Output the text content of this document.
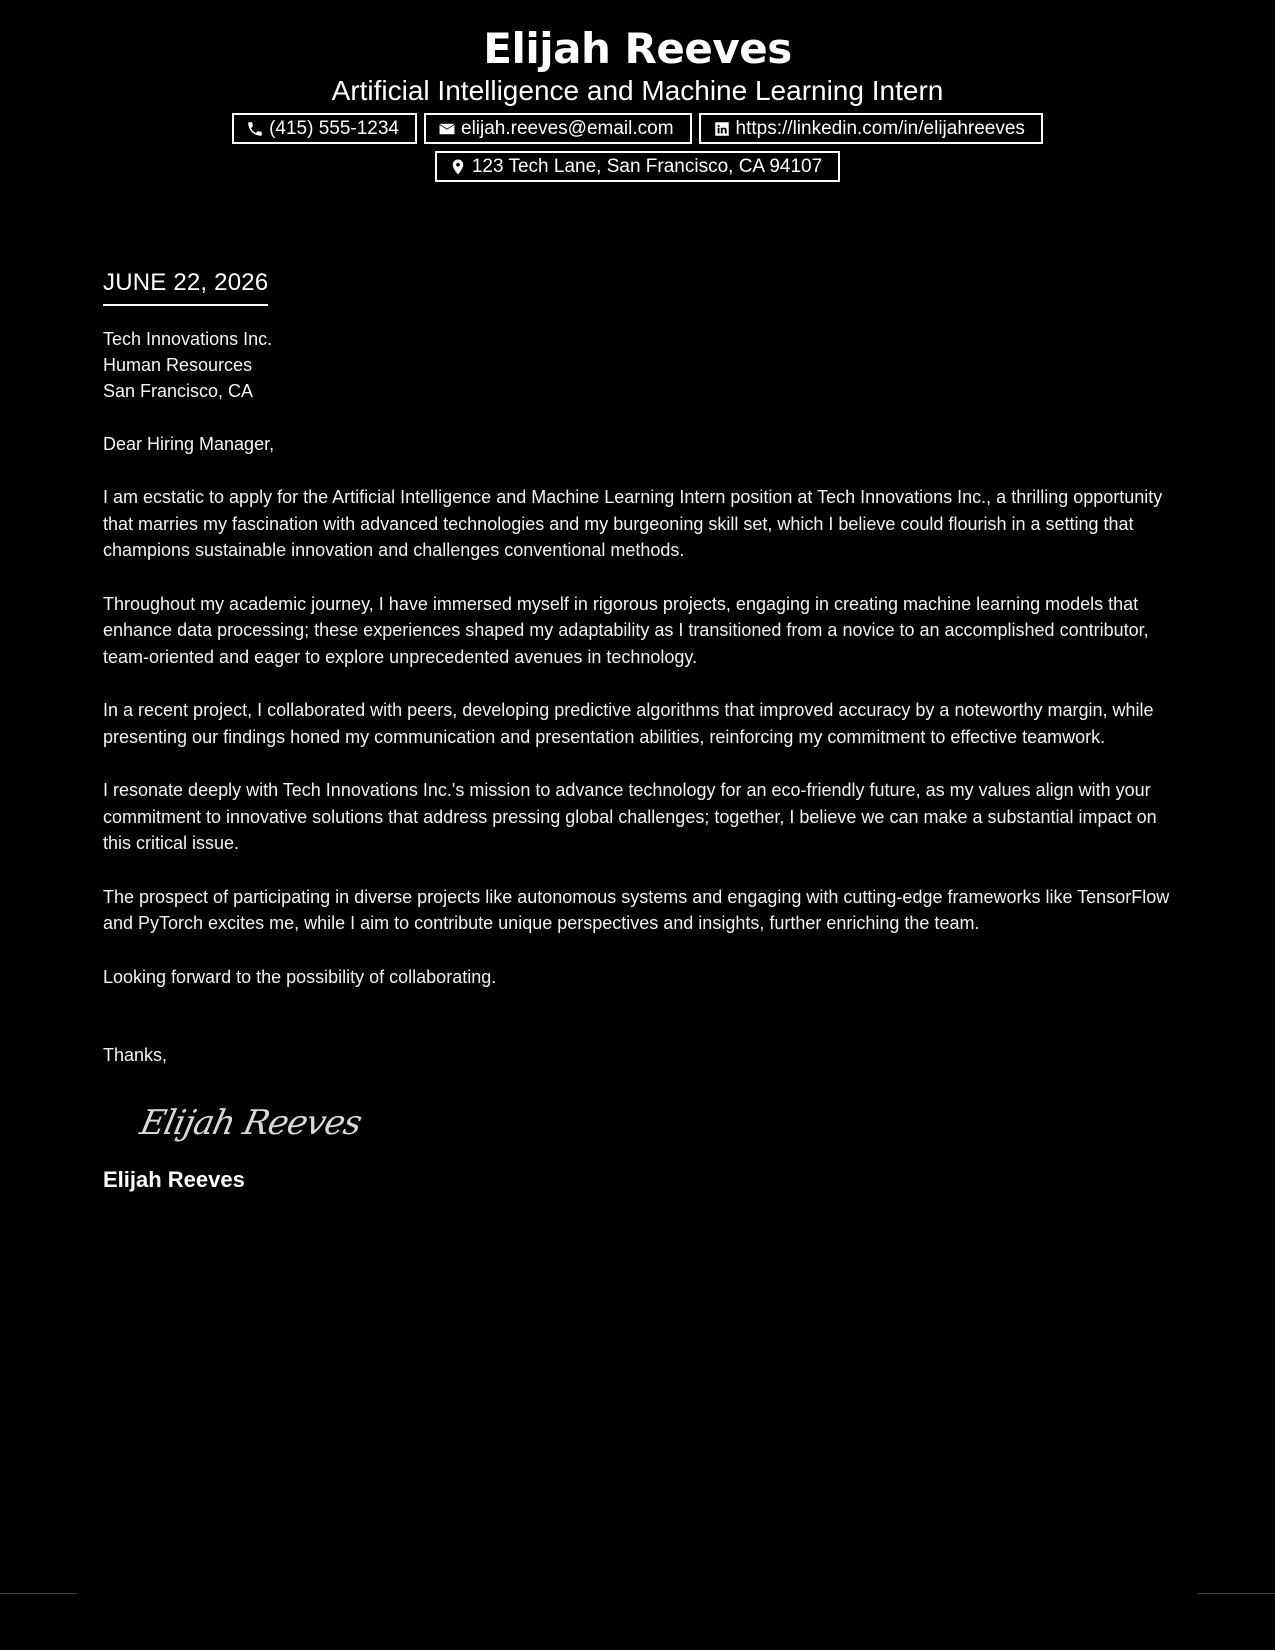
Elijah Reeves
Artificial Intelligence and Machine Learning Intern
(415) 555-1234	elijah.reeves@email.com	https://linkedin.com/in/elijahreeves
123 Tech Lane, San Francisco, CA 94107
JUNE 22, 2026
Tech Innovations Inc.
Human Resources
San Francisco, CA
Dear Hiring Manager,

I am ecstatic to apply for the Artificial Intelligence and Machine Learning Intern position at Tech Innovations Inc., a thrilling opportunity that marries my fascination with advanced technologies and my burgeoning skill set, which I believe could flourish in a setting that champions sustainable innovation and challenges conventional methods.

Throughout my academic journey, I have immersed myself in rigorous projects, engaging in creating machine learning models that enhance data processing; these experiences shaped my adaptability as I transitioned from a novice to an accomplished contributor, team-oriented and eager to explore unprecedented avenues in technology.

In a recent project, I collaborated with peers, developing predictive algorithms that improved accuracy by a noteworthy margin, while presenting our findings honed my communication and presentation abilities, reinforcing my commitment to effective teamwork.

I resonate deeply with Tech Innovations Inc.'s mission to advance technology for an eco-friendly future, as my values align with your commitment to innovative solutions that address pressing global challenges; together, I believe we can make a substantial impact on this critical issue.

The prospect of participating in diverse projects like autonomous systems and engaging with cutting-edge frameworks like TensorFlow and PyTorch excites me, while I aim to contribute unique perspectives and insights, further enriching the team.

Looking forward to the possibility of collaborating.

Thanks,
Elijah Reeves
Elijah Reeves
